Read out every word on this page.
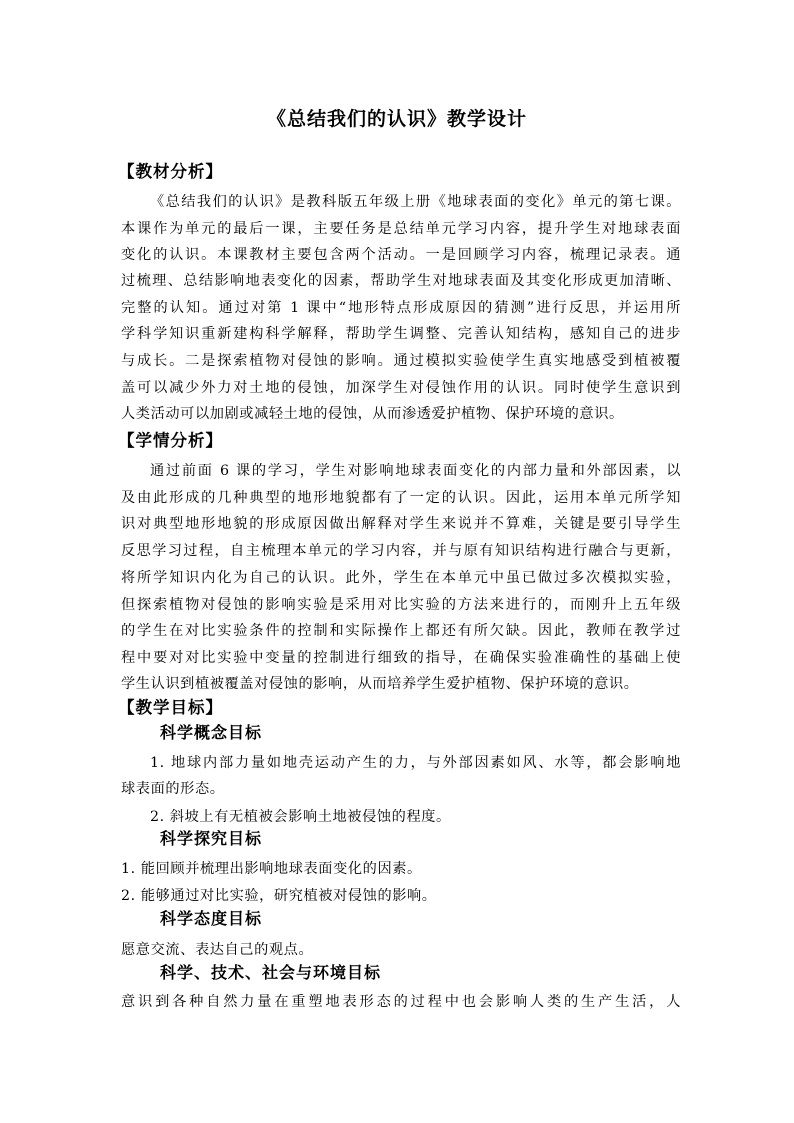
《总结我们的认识》教学设计
【教材分析】
《总结我们的认识》是教科版五年级上册《地球表面的变化》单元的第七课。
本课作为单元的最后一课，主要任务是总结单元学习内容，提升学生对地球表面
变化的认识。本课教材主要包含两个活动。一是回顾学习内容，梳理记录表。通
过梳理、总结影响地表变化的因素，帮助学生对地球表面及其变化形成更加清晰、
完整的认知。通过对第 1 课中“地形特点形成原因的猜测”进行反思，并运用所
学科学知识重新建构科学解释，帮助学生调整、完善认知结构，感知自己的进步
与成长。二是探索植物对侵蚀的影响。通过模拟实验使学生真实地感受到植被覆
盖可以减少外力对土地的侵蚀，加深学生对侵蚀作用的认识。同时使学生意识到
人类活动可以加剧或减轻土地的侵蚀，从而渗透爱护植物、保护环境的意识。
【学情分析】
通过前面 6 课的学习，学生对影响地球表面变化的内部力量和外部因素，以
及由此形成的几种典型的地形地貌都有了一定的认识。因此，运用本单元所学知
识对典型地形地貌的形成原因做出解释对学生来说并不算难，关键是要引导学生
反思学习过程，自主梳理本单元的学习内容，并与原有知识结构进行融合与更新，
将所学知识内化为自己的认识。此外，学生在本单元中虽已做过多次模拟实验，
但探索植物对侵蚀的影响实验是采用对比实验的方法来进行的，而刚升上五年级
的学生在对比实验条件的控制和实际操作上都还有所欠缺。因此，教师在教学过
程中要对对比实验中变量的控制进行细致的指导，在确保实验准确性的基础上使
学生认识到植被覆盖对侵蚀的影响，从而培养学生爱护植物、保护环境的意识。
【教学目标】
科学概念目标
1. 地球内部力量如地壳运动产生的力，与外部因素如风、水等，都会影响地
球表面的形态。
2. 斜坡上有无植被会影响土地被侵蚀的程度。
科学探究目标
1. 能回顾并梳理出影响地球表面变化的因素。
2. 能够通过对比实验，研究植被对侵蚀的影响。
科学态度目标
愿意交流、表达自己的观点。
科学、技术、社会与环境目标
意识到各种自然力量在重塑地表形态的过程中也会影响人类的生产生活，人
